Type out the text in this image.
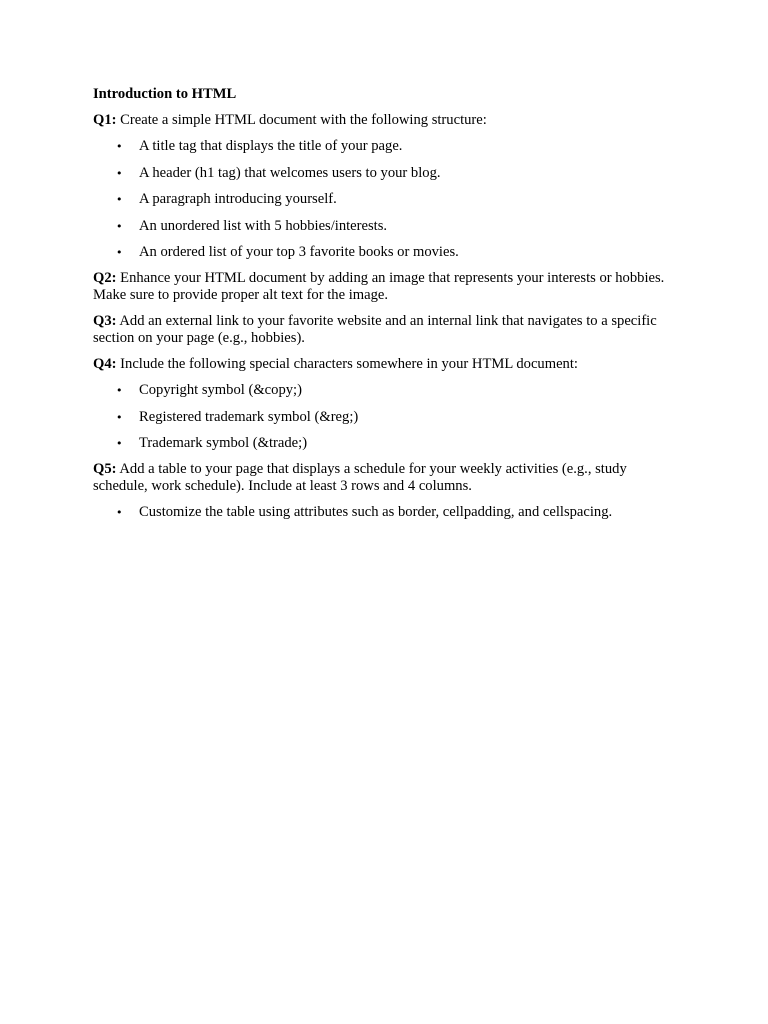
Introduction to HTML
Q1: Create a simple HTML document with the following structure:
• A title tag that displays the title of your page.
• A header (h1 tag) that welcomes users to your blog.
• A paragraph introducing yourself.
• An unordered list with 5 hobbies/interests.
• An ordered list of your top 3 favorite books or movies.
Q2: Enhance your HTML document by adding an image that represents your interests or hobbies. Make sure to provide proper alt text for the image.
Q3: Add an external link to your favorite website and an internal link that navigates to a specific section on your page (e.g., hobbies).
Q4: Include the following special characters somewhere in your HTML document:
• Copyright symbol (&copy;)
• Registered trademark symbol (&reg;)
• Trademark symbol (&trade;)
Q5: Add a table to your page that displays a schedule for your weekly activities (e.g., study schedule, work schedule). Include at least 3 rows and 4 columns.
• Customize the table using attributes such as border, cellpadding, and cellspacing.
